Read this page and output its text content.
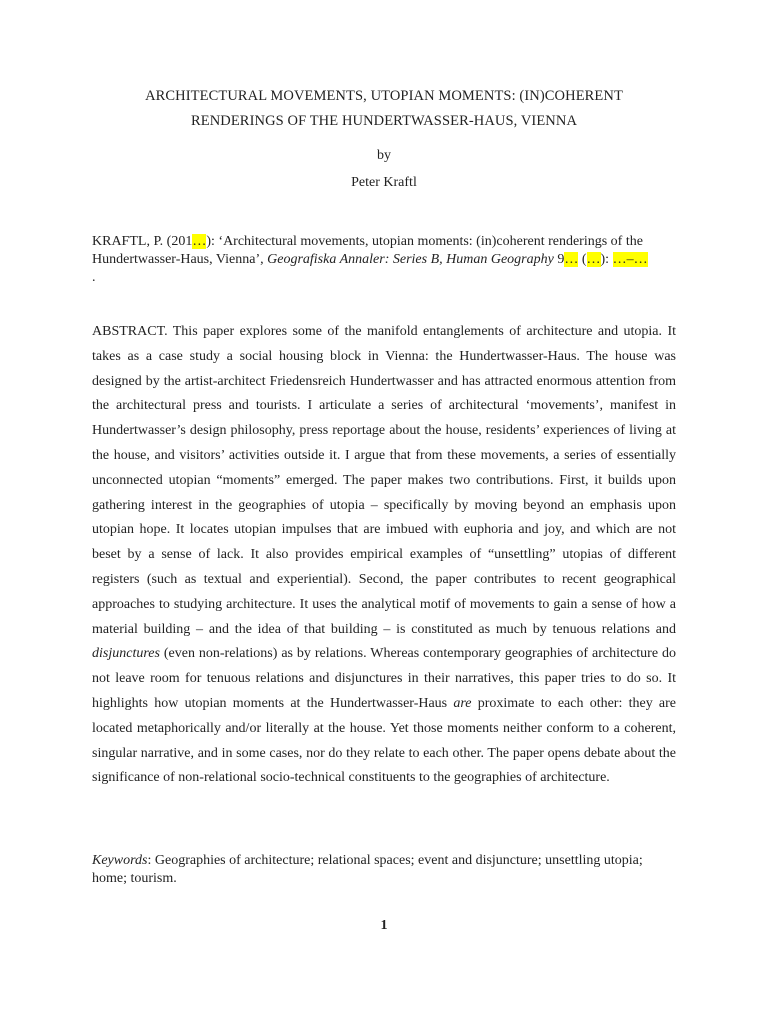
ARCHITECTURAL MOVEMENTS, UTOPIAN MOMENTS: (IN)COHERENT
RENDERINGS OF THE HUNDERTWASSER-HAUS, VIENNA
by
Peter Kraftl
KRAFTL, P. (201…): ‘Architectural movements, utopian moments: (in)coherent renderings of the Hundertwasser-Haus, Vienna’, Geografiska Annaler: Series B, Human Geography 9… (…): …–…
.
ABSTRACT. This paper explores some of the manifold entanglements of architecture and utopia. It takes as a case study a social housing block in Vienna: the Hundertwasser-Haus. The house was designed by the artist-architect Friedensreich Hundertwasser and has attracted enormous attention from the architectural press and tourists. I articulate a series of architectural ‘movements’, manifest in Hundertwasser’s design philosophy, press reportage about the house, residents’ experiences of living at the house, and visitors’ activities outside it. I argue that from these movements, a series of essentially unconnected utopian “moments” emerged. The paper makes two contributions. First, it builds upon gathering interest in the geographies of utopia – specifically by moving beyond an emphasis upon utopian hope. It locates utopian impulses that are imbued with euphoria and joy, and which are not beset by a sense of lack. It also provides empirical examples of “unsettling” utopias of different registers (such as textual and experiential). Second, the paper contributes to recent geographical approaches to studying architecture. It uses the analytical motif of movements to gain a sense of how a material building – and the idea of that building – is constituted as much by tenuous relations and disjunctures (even non-relations) as by relations. Whereas contemporary geographies of architecture do not leave room for tenuous relations and disjunctures in their narratives, this paper tries to do so. It highlights how utopian moments at the Hundertwasser-Haus are proximate to each other: they are located metaphorically and/or literally at the house. Yet those moments neither conform to a coherent, singular narrative, and in some cases, nor do they relate to each other. The paper opens debate about the significance of non-relational socio-technical constituents to the geographies of architecture.
Keywords: Geographies of architecture; relational spaces; event and disjuncture; unsettling utopia; home; tourism.
1
